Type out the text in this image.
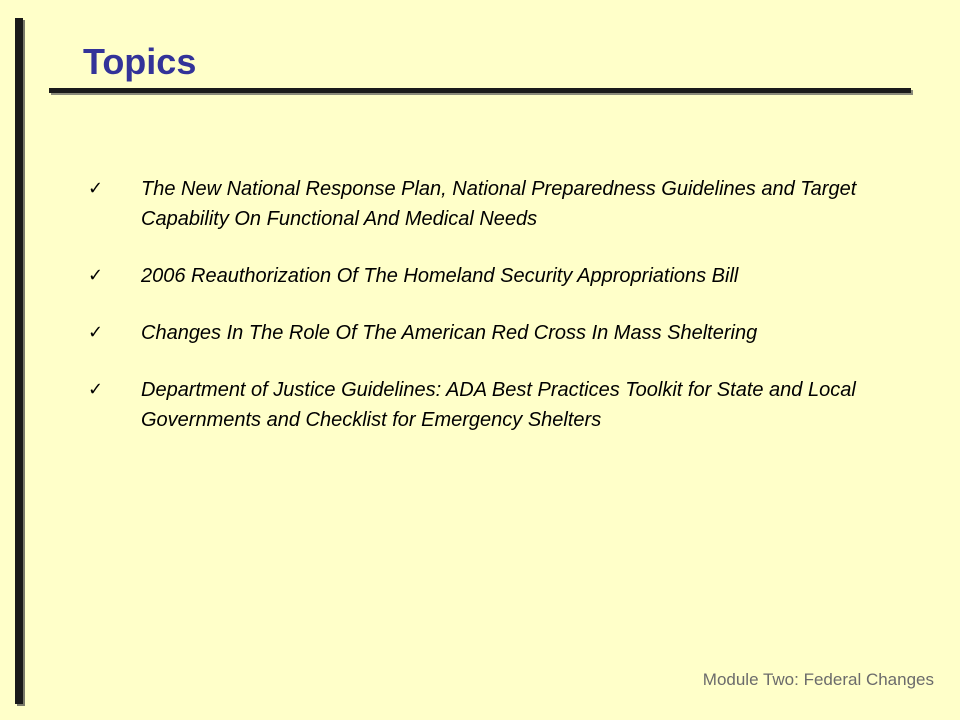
Topics
✓ The New National Response Plan, National Preparedness Guidelines and Target Capability On Functional And Medical Needs
✓ 2006 Reauthorization Of The Homeland Security Appropriations Bill
✓ Changes In The Role Of The American Red Cross In Mass Sheltering
✓ Department of Justice Guidelines: ADA Best Practices Toolkit for State and Local Governments and Checklist for Emergency Shelters
Module Two: Federal Changes
